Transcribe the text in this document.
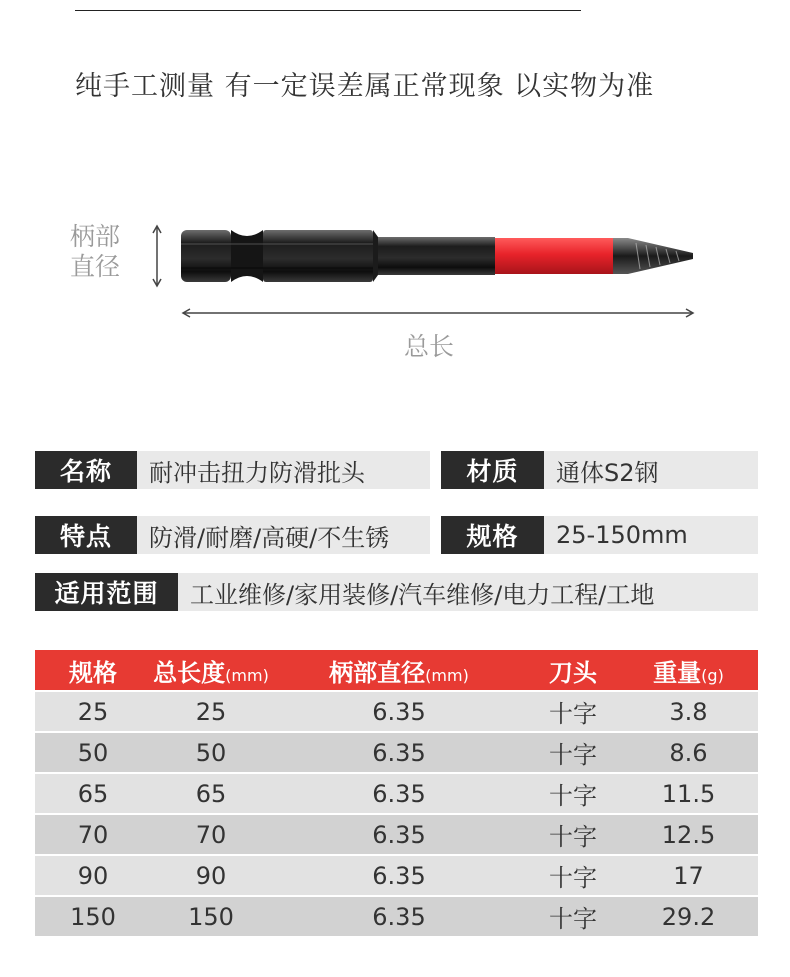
纯手工测量 有一定误差属正常现象 以实物为准
柄部
直径
总长
名称	耐冲击扭力防滑批头	材质	通体S2钢
特点	防滑/耐磨/高硬/不生锈	规格	25-150mm
适用范围	工业维修/家用装修/汽车维修/电力工程/工地
规格	总长度(mm)	柄部直径(mm)	刀头	重量(g)
25	25	6.35	十字	3.8
50	50	6.35	十字	8.6
65	65	6.35	十字	11.5
70	70	6.35	十字	12.5
90	90	6.35	十字	17
150	150	6.35	十字	29.2
